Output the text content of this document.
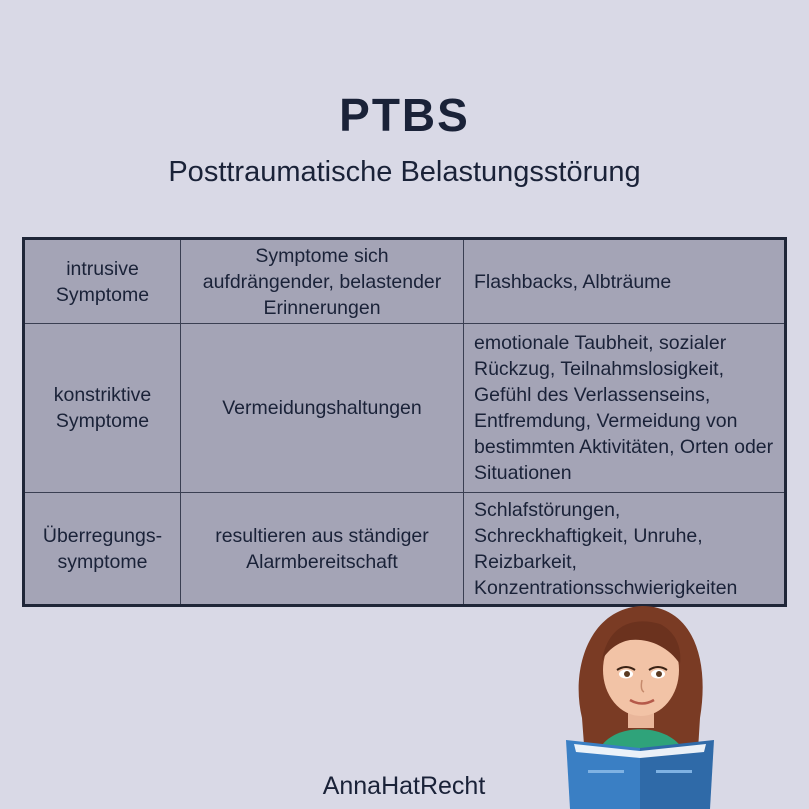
PTBS
Posttraumatische Belastungsstörung
intrusive Symptome	Symptome sich aufdrängender, belastender Erinnerungen	Flashbacks, Albträume
konstriktive Symptome	Vermeidungshaltungen	emotionale Taubheit, sozialer Rückzug, Teilnahmslosigkeit, Gefühl des Verlassenseins, Entfremdung, Vermeidung von bestimmten Aktivitäten, Orten oder Situationen
Überregungs-symptome	resultieren aus ständiger Alarmbereitschaft	Schlafstörungen, Schreckhaftigkeit, Unruhe, Reizbarkeit, Konzentrationsschwierigkeiten
AnnaHatRecht
